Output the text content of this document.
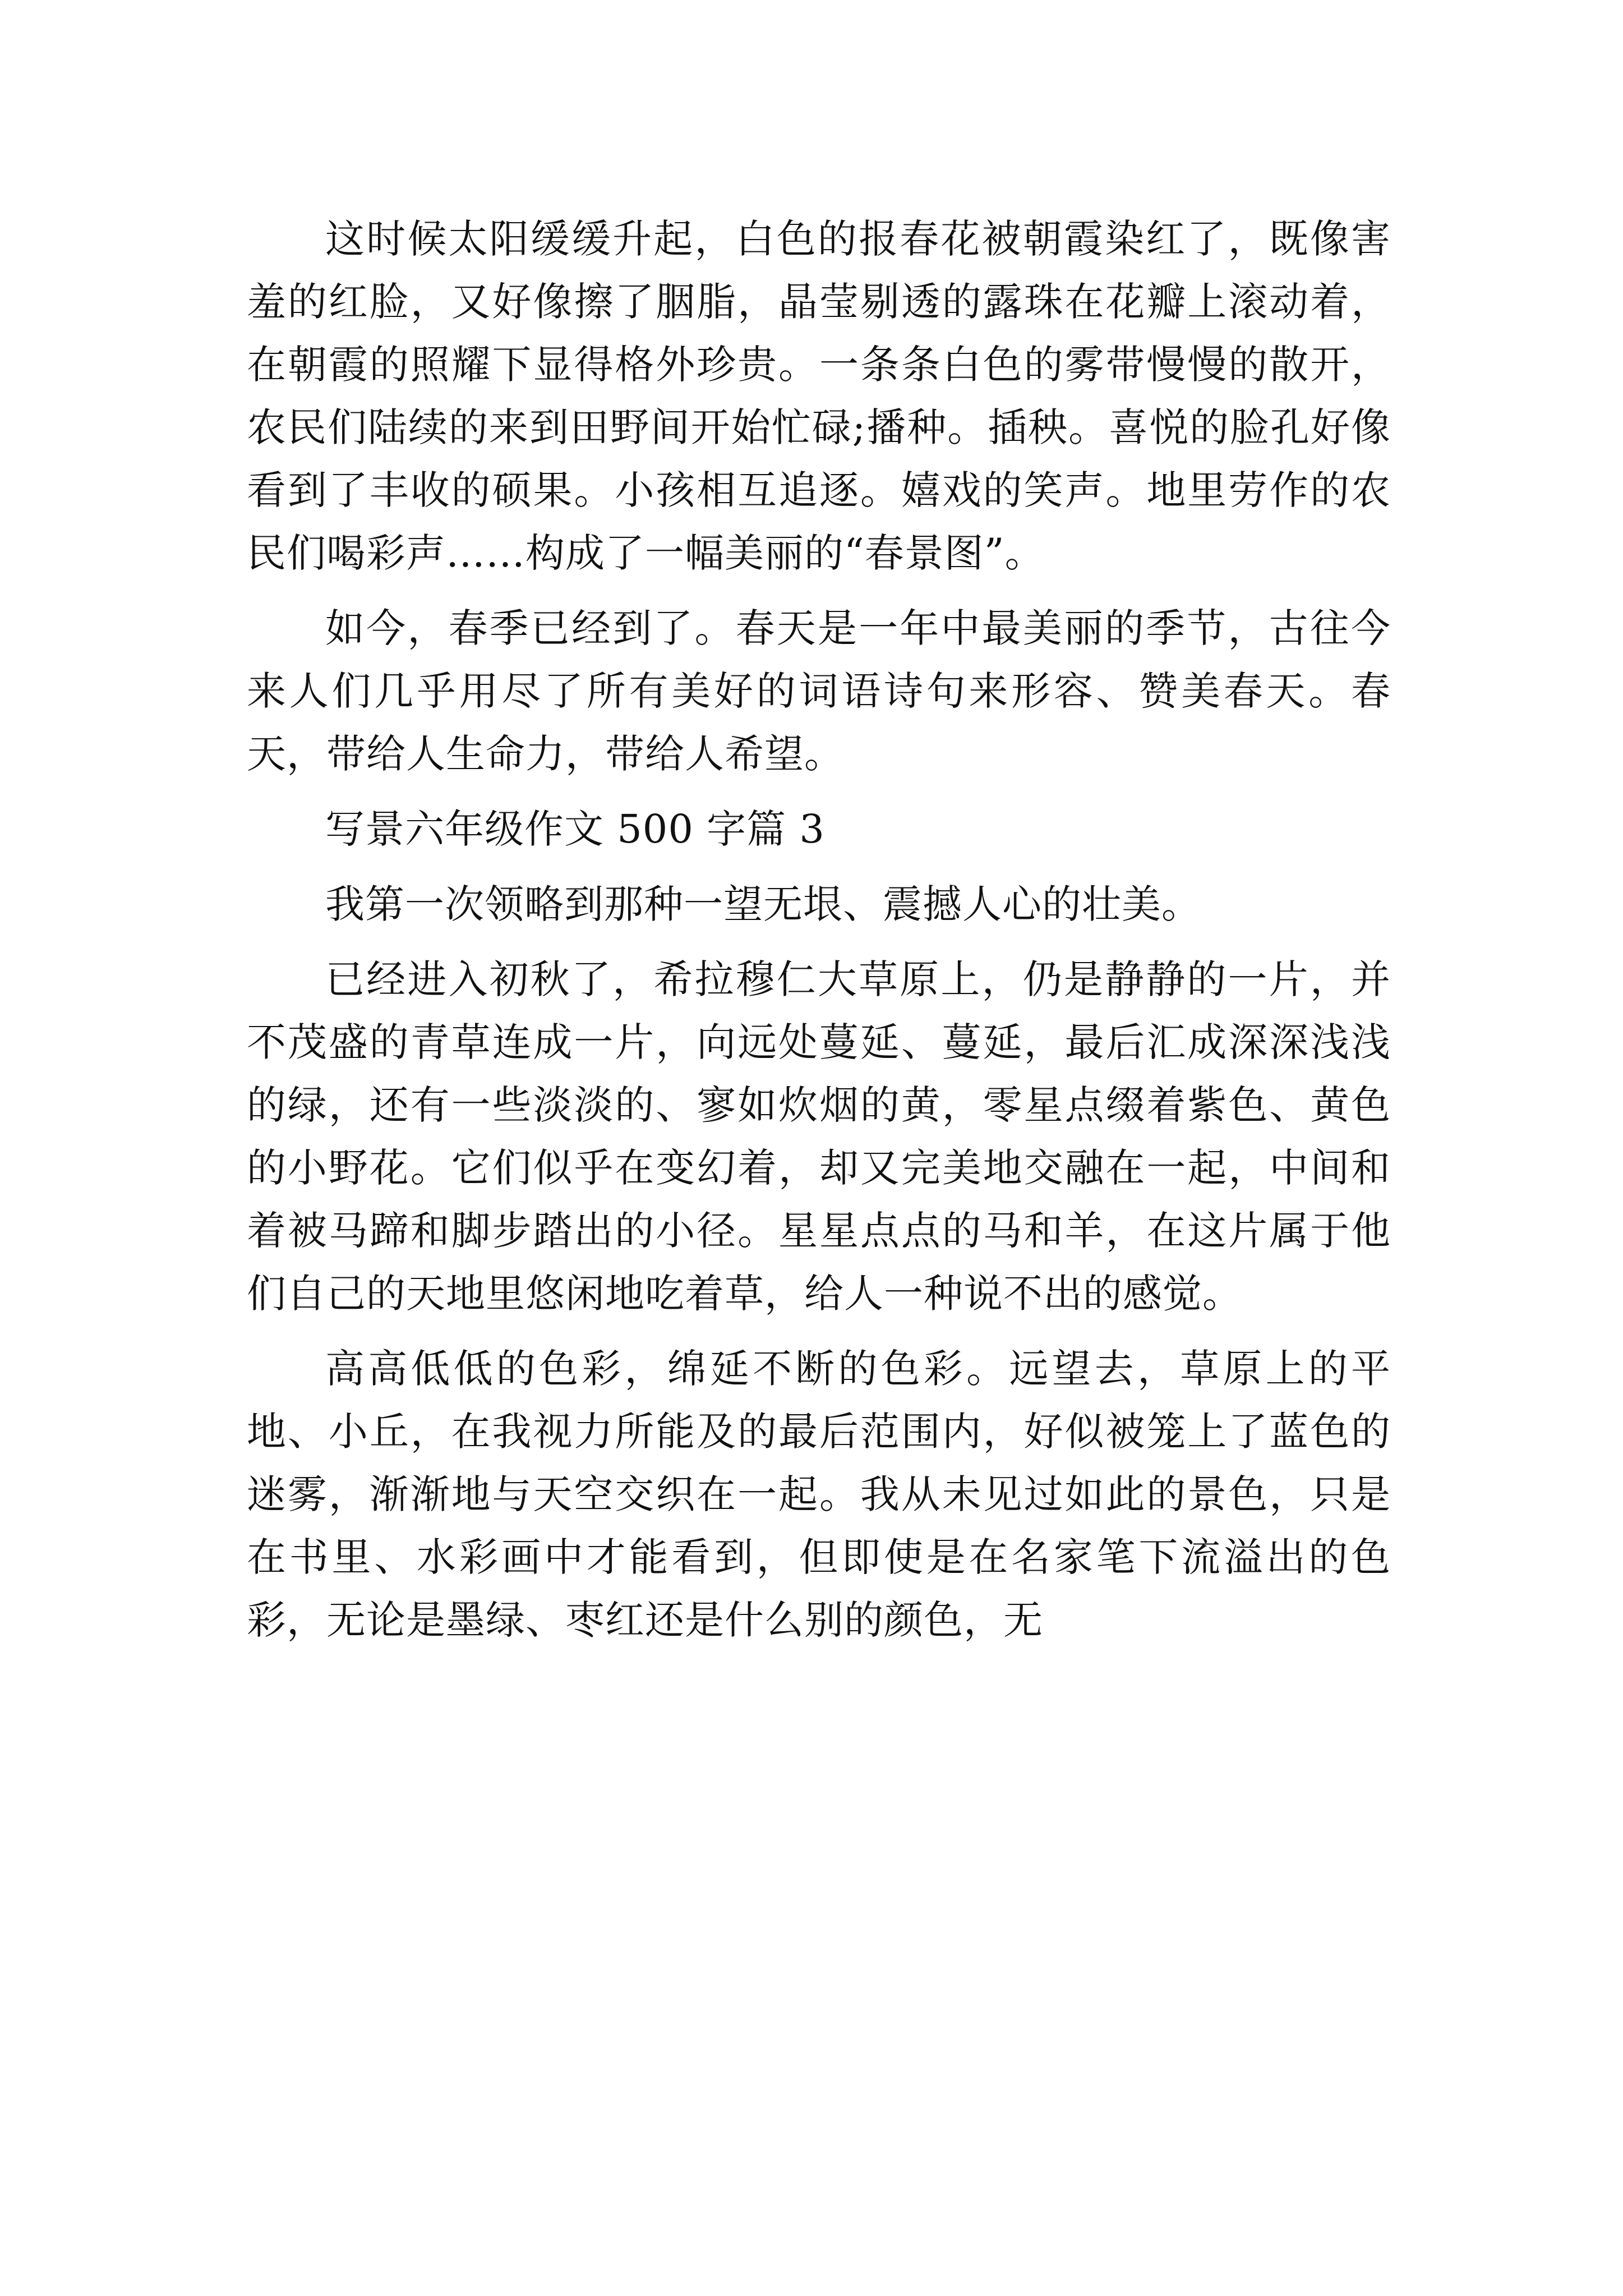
这时候太阳缓缓升起，白色的报春花被朝霞染红了，既像害羞的红脸，又好像擦了胭脂，晶莹剔透的露珠在花瓣上滚动着，在朝霞的照耀下显得格外珍贵。一条条白色的雾带慢慢的散开，农民们陆续的来到田野间开始忙碌;播种。插秧。喜悦的脸孔好像看到了丰收的硕果。小孩相互追逐。嬉戏的笑声。地里劳作的农民们喝彩声……构成了一幅美丽的“春景图”。

如今，春季已经到了。春天是一年中最美丽的季节，古往今来人们几乎用尽了所有美好的词语诗句来形容、赞美春天。春天，带给人生命力，带给人希望。

写景六年级作文 500 字篇 3

我第一次领略到那种一望无垠、震撼人心的壮美。

已经进入初秋了，希拉穆仁大草原上，仍是静静的一片，并不茂盛的青草连成一片，向远处蔓延、蔓延，最后汇成深深浅浅的绿，还有一些淡淡的、寥如炊烟的黄，零星点缀着紫色、黄色的小野花。它们似乎在变幻着，却又完美地交融在一起，中间和着被马蹄和脚步踏出的小径。星星点点的马和羊，在这片属于他们自己的天地里悠闲地吃着草，给人一种说不出的感觉。

高高低低的色彩，绵延不断的色彩。远望去，草原上的平地、小丘，在我视力所能及的最后范围内，好似被笼上了蓝色的迷雾，渐渐地与天空交织在一起。我从未见过如此的景色，只是在书里、水彩画中才能看到，但即使是在名家笔下流溢出的色彩，无论是墨绿、枣红还是什么别的颜色，无
